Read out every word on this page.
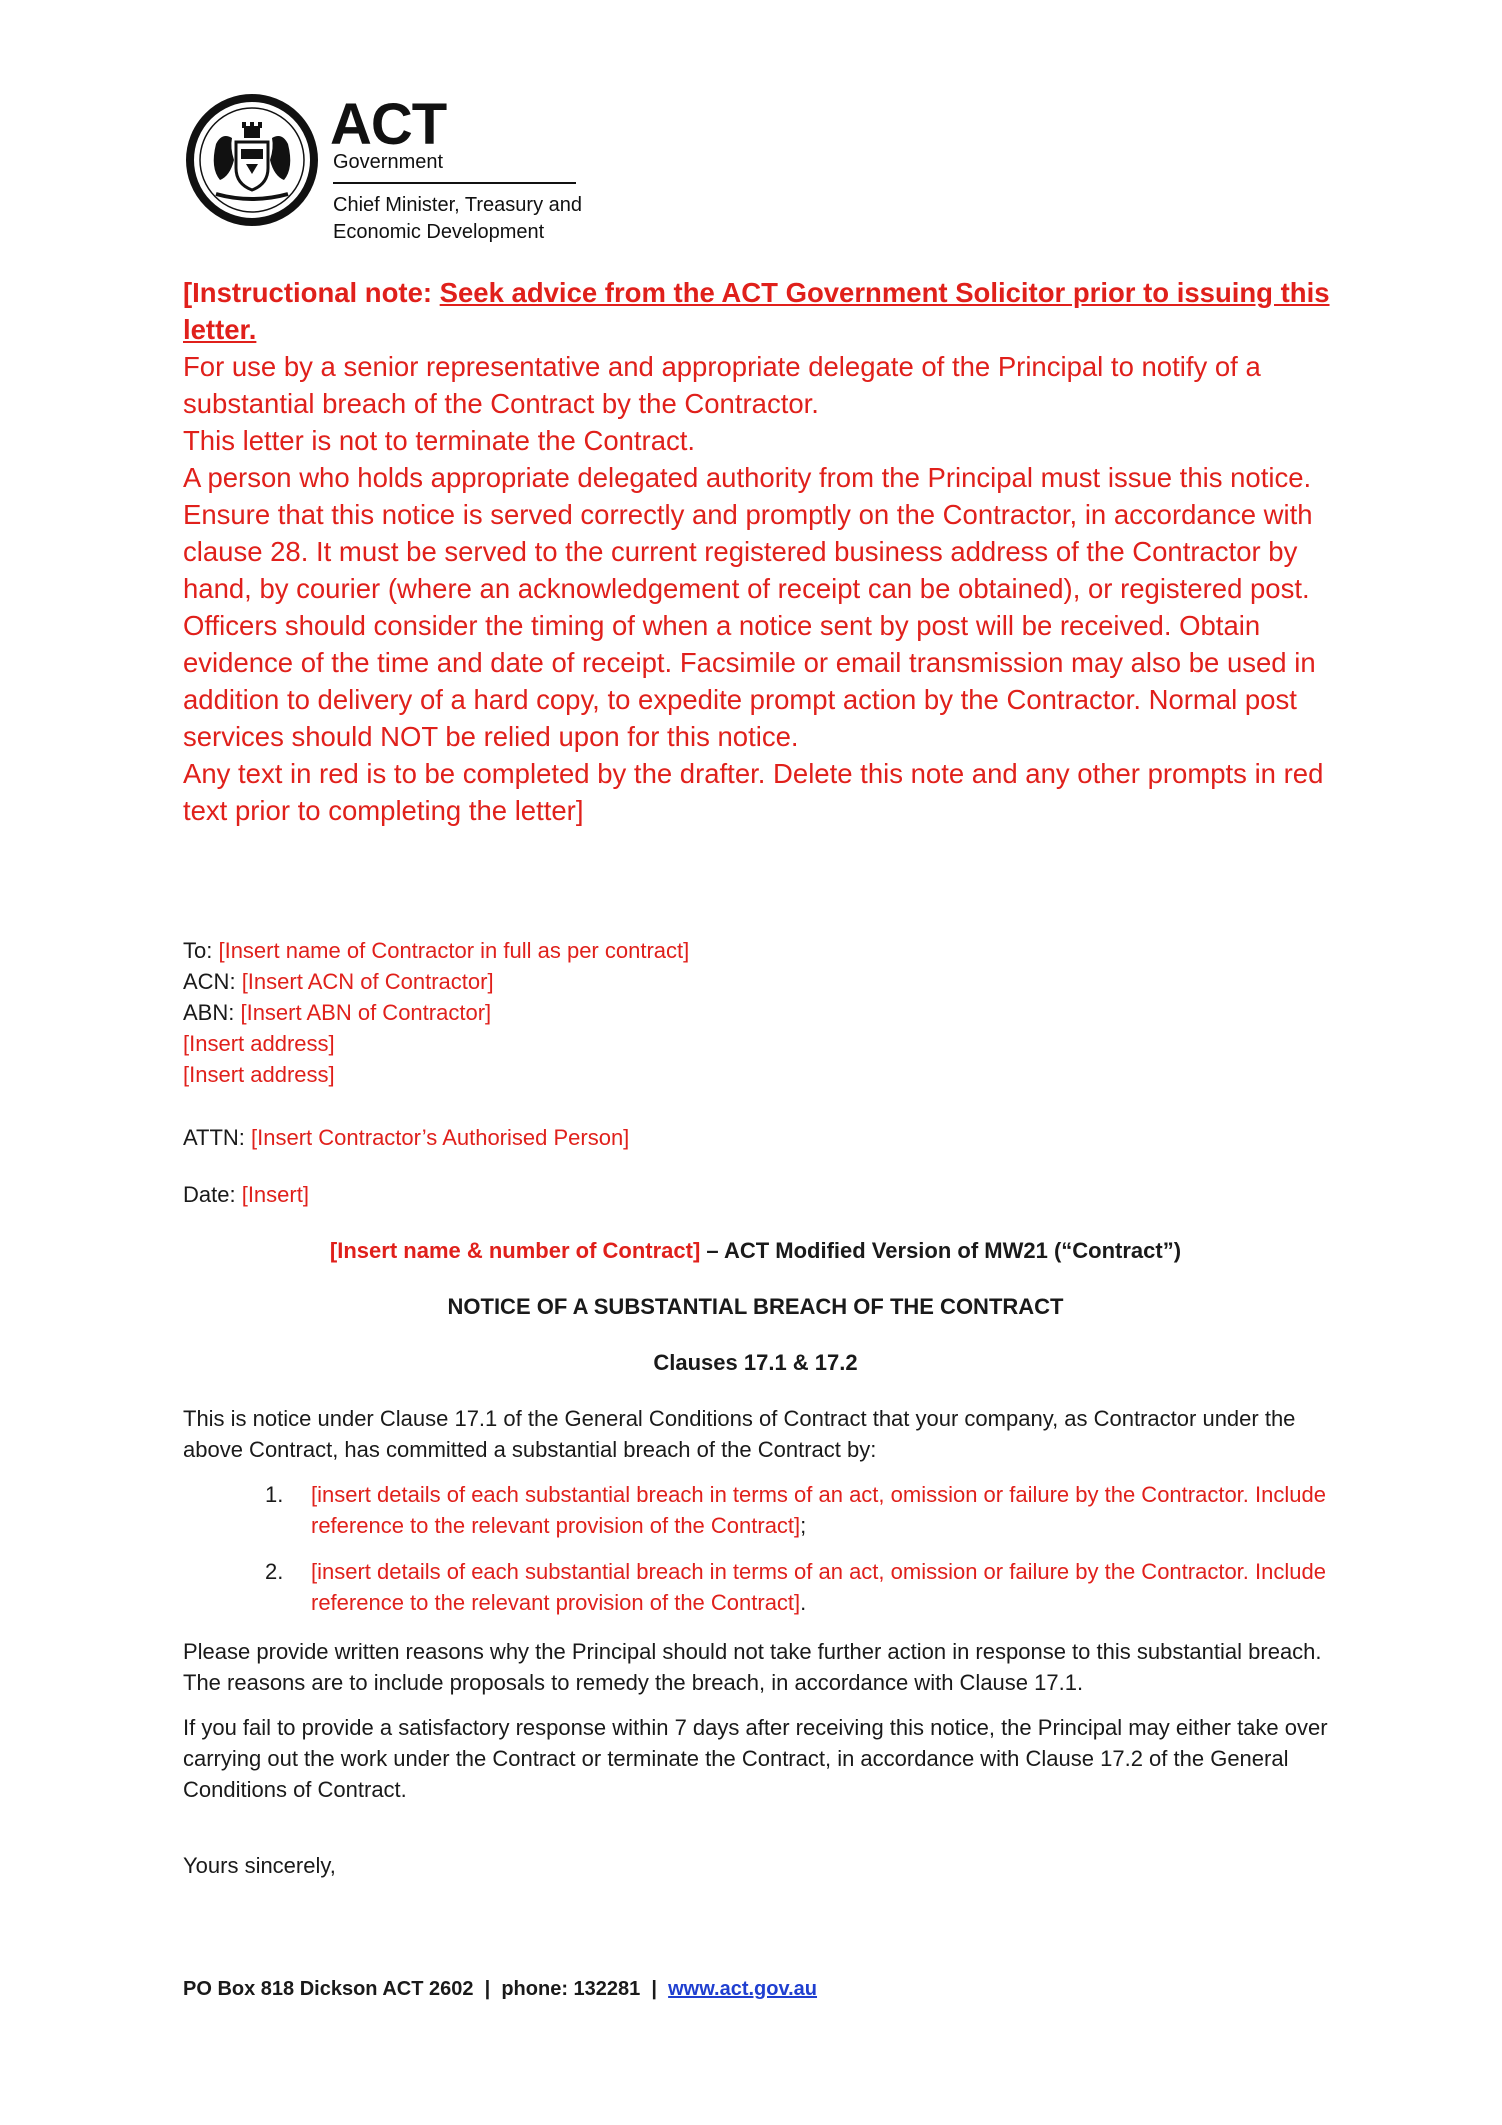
ACT
Government
Chief Minister, Treasury and
Economic Development

[Instructional note: Seek advice from the ACT Government Solicitor prior to issuing this letter.

For use by a senior representative and appropriate delegate of the Principal to notify of a substantial breach of the Contract by the Contractor.

This letter is not to terminate the Contract.

A person who holds appropriate delegated authority from the Principal must issue this notice.

Ensure that this notice is served correctly and promptly on the Contractor, in accordance with clause 28. It must be served to the current registered business address of the Contractor by hand, by courier (where an acknowledgement of receipt can be obtained), or registered post. Officers should consider the timing of when a notice sent by post will be received. Obtain evidence of the time and date of receipt. Facsimile or email transmission may also be used in addition to delivery of a hard copy, to expedite prompt action by the Contractor. Normal post services should NOT be relied upon for this notice.

Any text in red is to be completed by the drafter. Delete this note and any other prompts in red text prior to completing the letter]

To: [Insert name of Contractor in full as per contract]
ACN: [Insert ACN of Contractor]
ABN: [Insert ABN of Contractor]
[Insert address]
[Insert address]
ATTN: [Insert Contractor’s Authorised Person]
Date: [Insert]
[Insert name & number of Contract] – ACT Modified Version of MW21 (“Contract”)
NOTICE OF A SUBSTANTIAL BREACH OF THE CONTRACT
Clauses 17.1 & 17.2

This is notice under Clause 17.1 of the General Conditions of Contract that your company, as Contractor under the above Contract, has committed a substantial breach of the Contract by:

1. [insert details of each substantial breach in terms of an act, omission or failure by the Contractor. Include reference to the relevant provision of the Contract];

2. [insert details of each substantial breach in terms of an act, omission or failure by the Contractor. Include reference to the relevant provision of the Contract].

Please provide written reasons why the Principal should not take further action in response to this substantial breach. The reasons are to include proposals to remedy the breach, in accordance with Clause 17.1.

If you fail to provide a satisfactory response within 7 days after receiving this notice, the Principal may either take over carrying out the work under the Contract or terminate the Contract, in accordance with Clause 17.2 of the General Conditions of Contract.

Yours sincerely,

PO Box 818 Dickson ACT 2602  |  phone: 132281  |  www.act.gov.au
